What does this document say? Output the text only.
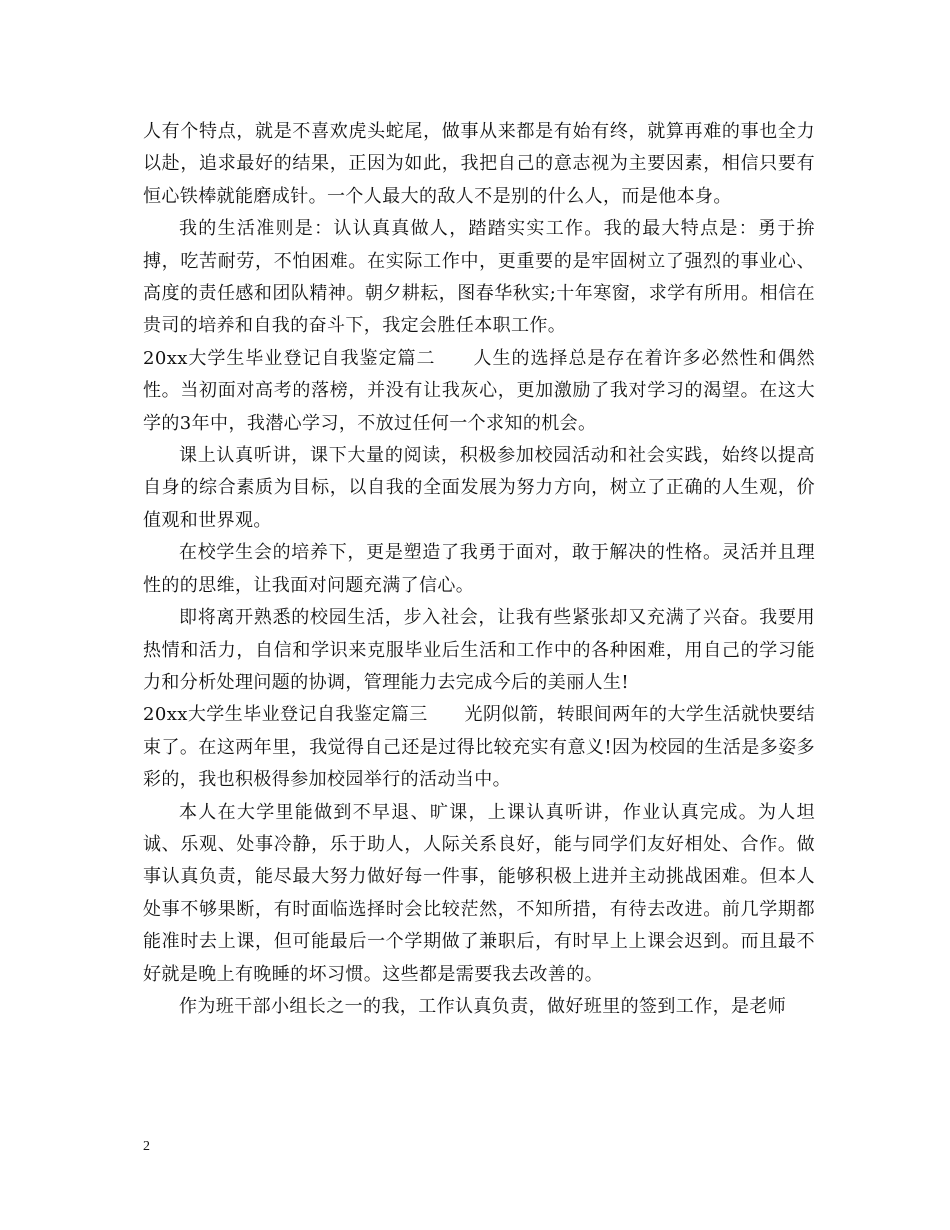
人有个特点，就是不喜欢虎头蛇尾，做事从来都是有始有终，就算再难的事也全力以赴，追求最好的结果，正因为如此，我把自己的意志视为主要因素，相信只要有恒心铁棒就能磨成针。一个人最大的敌人不是别的什么人，而是他本身。

我的生活准则是：认认真真做人，踏踏实实工作。我的最大特点是：勇于拚搏，吃苦耐劳，不怕困难。在实际工作中，更重要的是牢固树立了强烈的事业心、高度的责任感和团队精神。朝夕耕耘，图春华秋实;十年寒窗，求学有所用。相信在贵司的培养和自我的奋斗下，我定会胜任本职工作。

20xx大学生毕业登记自我鉴定篇二　　人生的选择总是存在着许多必然性和偶然性。当初面对高考的落榜，并没有让我灰心，更加激励了我对学习的渴望。在这大学的3年中，我潜心学习，不放过任何一个求知的机会。

课上认真听讲，课下大量的阅读，积极参加校园活动和社会实践，始终以提高自身的综合素质为目标，以自我的全面发展为努力方向，树立了正确的人生观，价值观和世界观。

在校学生会的培养下，更是塑造了我勇于面对，敢于解决的性格。灵活并且理性的的思维，让我面对问题充满了信心。

即将离开熟悉的校园生活，步入社会，让我有些紧张却又充满了兴奋。我要用热情和活力，自信和学识来克服毕业后生活和工作中的各种困难，用自己的学习能力和分析处理问题的协调，管理能力去完成今后的美丽人生!

20xx大学生毕业登记自我鉴定篇三　　光阴似箭，转眼间两年的大学生活就快要结束了。在这两年里，我觉得自己还是过得比较充实有意义!因为校园的生活是多姿多彩的，我也积极得参加校园举行的活动当中。

本人在大学里能做到不早退、旷课，上课认真听讲，作业认真完成。为人坦诚、乐观、处事冷静，乐于助人，人际关系良好，能与同学们友好相处、合作。做事认真负责，能尽最大努力做好每一件事，能够积极上进并主动挑战困难。但本人处事不够果断，有时面临选择时会比较茫然，不知所措，有待去改进。前几学期都能准时去上课，但可能最后一个学期做了兼职后，有时早上上课会迟到。而且最不好就是晚上有晚睡的坏习惯。这些都是需要我去改善的。

作为班干部小组长之一的我，工作认真负责，做好班里的签到工作，是老师

2
